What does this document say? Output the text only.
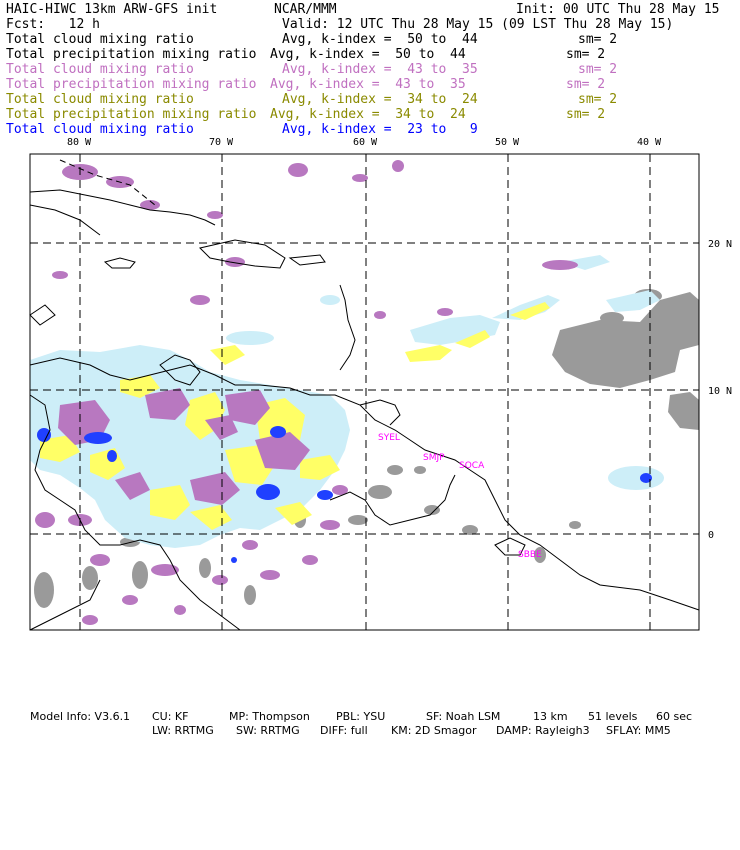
HAIC-HIWC 13km ARW-GFS init

	NCAR/MMM

	Init: 00 UTC Thu 28 May 15

Fcst:   12 h

	Valid: 12 UTC Thu 28 May 15 (09 LST Thu 28 May 15)

Total cloud mixing ratio

	Avg, k-index =  50 to  44

	sm= 2

Total precipitation mixing ratio

Avg, k-index =  50 to  44

	sm= 2

Total cloud mixing ratio

	Avg, k-index =  43 to  35

	sm= 2

Total precipitation mixing ratio

Avg, k-index =  43 to  35

	sm= 2

Total cloud mixing ratio

	Avg, k-index =  34 to  24

	sm= 2

Total precipitation mixing ratio

Avg, k-index =  34 to  24

	sm= 2

Total cloud mixing ratio

	Avg, k-index =  23 to   9

80 W	70 W	60 W	50 W	40 W
20 N
10 N
0
SYEL
SMJP
SOCA
SBBE

Model Info: V3.6.1

CU: KF

	MP: Thompson

PBL: YSU

	SF: Noah LSM

	13 km

51 levels

60 sec

LW: RRTMG

SW: RRTMG

DIFF: full

KM: 2D Smagor

DAMP: Rayleigh3

SFLAY: MM5
